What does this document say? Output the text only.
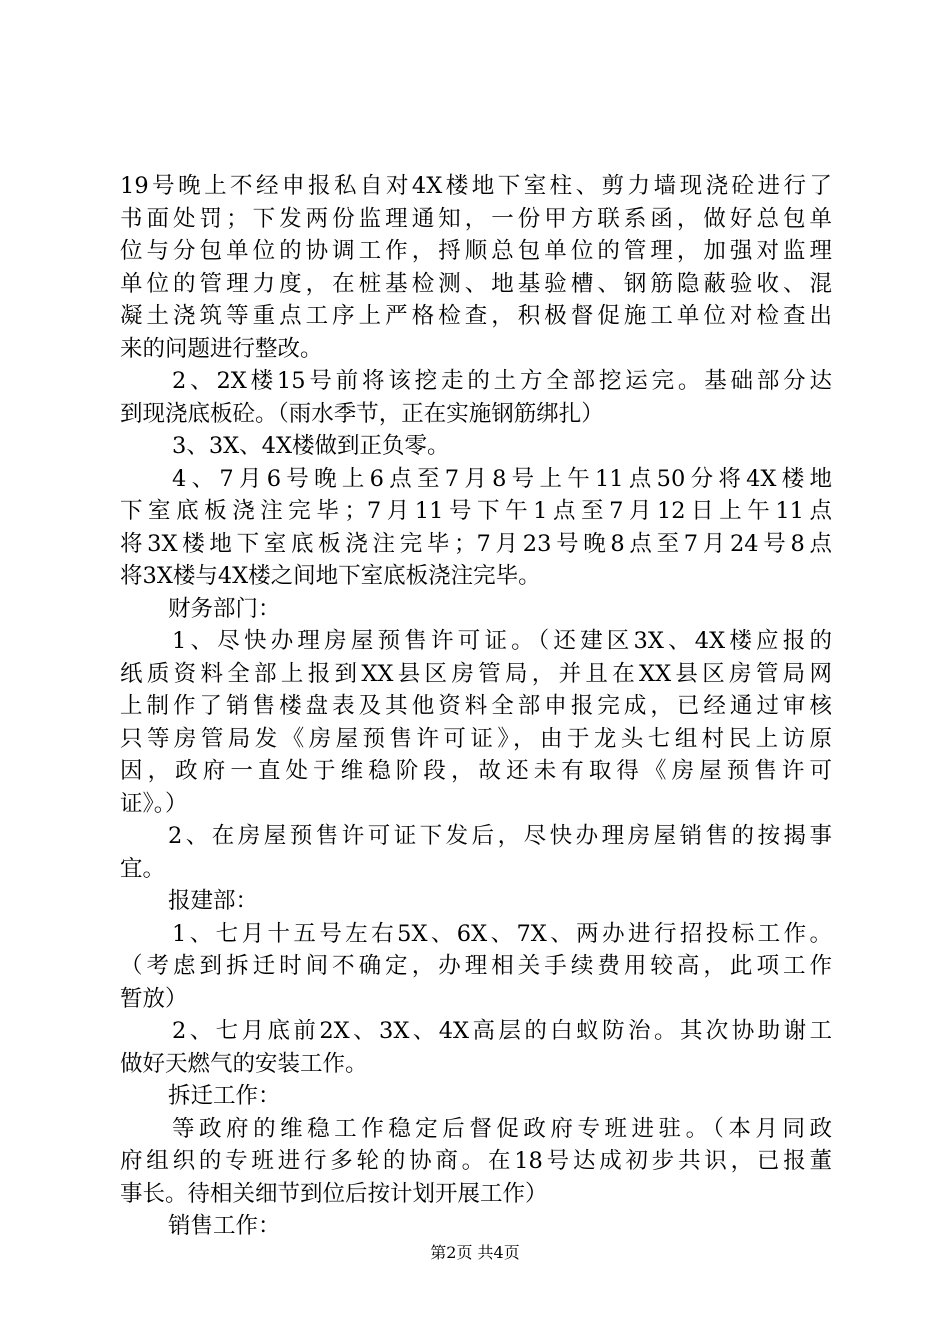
19号晚上不经申报私自对4X楼地下室柱、剪力墙现浇砼进行了
书面处罚；下发两份监理通知，一份甲方联系函，做好总包单
位与分包单位的协调工作，捋顺总包单位的管理，加强对监理
单位的管理力度，在桩基检测、地基验槽、钢筋隐蔽验收、混
凝土浇筑等重点工序上严格检查，积极督促施工单位对检查出
来的问题进行整改。
2、2X楼15号前将该挖走的土方全部挖运完。基础部分达
到现浇底板砼。（雨水季节，正在实施钢筋绑扎）
3、3X、4X楼做到正负零。
4、7月6号晚上6点至7月8号上午11点50分将4X楼地
下室底板浇注完毕；7月11号下午1点至7月12日上午11点
将3X楼地下室底板浇注完毕；7月23号晚8点至7月24号8点
将3X楼与4X楼之间地下室底板浇注完毕。
财务部门：
1、尽快办理房屋预售许可证。（还建区3X、4X楼应报的
纸质资料全部上报到XX县区房管局，并且在XX县区房管局网
上制作了销售楼盘表及其他资料全部申报完成，已经通过审核
只等房管局发《房屋预售许可证》，由于龙头七组村民上访原
因，政府一直处于维稳阶段，故还未有取得《房屋预售许可
证》。）
2、在房屋预售许可证下发后，尽快办理房屋销售的按揭事
宜。
报建部：
1、七月十五号左右5X、6X、7X、两办进行招投标工作。
（考虑到拆迁时间不确定，办理相关手续费用较高，此项工作
暂放）
2、七月底前2X、3X、4X高层的白蚁防治。其次协助谢工
做好天燃气的安装工作。
拆迁工作：
等政府的维稳工作稳定后督促政府专班进驻。（本月同政
府组织的专班进行多轮的协商。在18号达成初步共识，已报董
事长。待相关细节到位后按计划开展工作）
销售工作：
第2页 共4页
